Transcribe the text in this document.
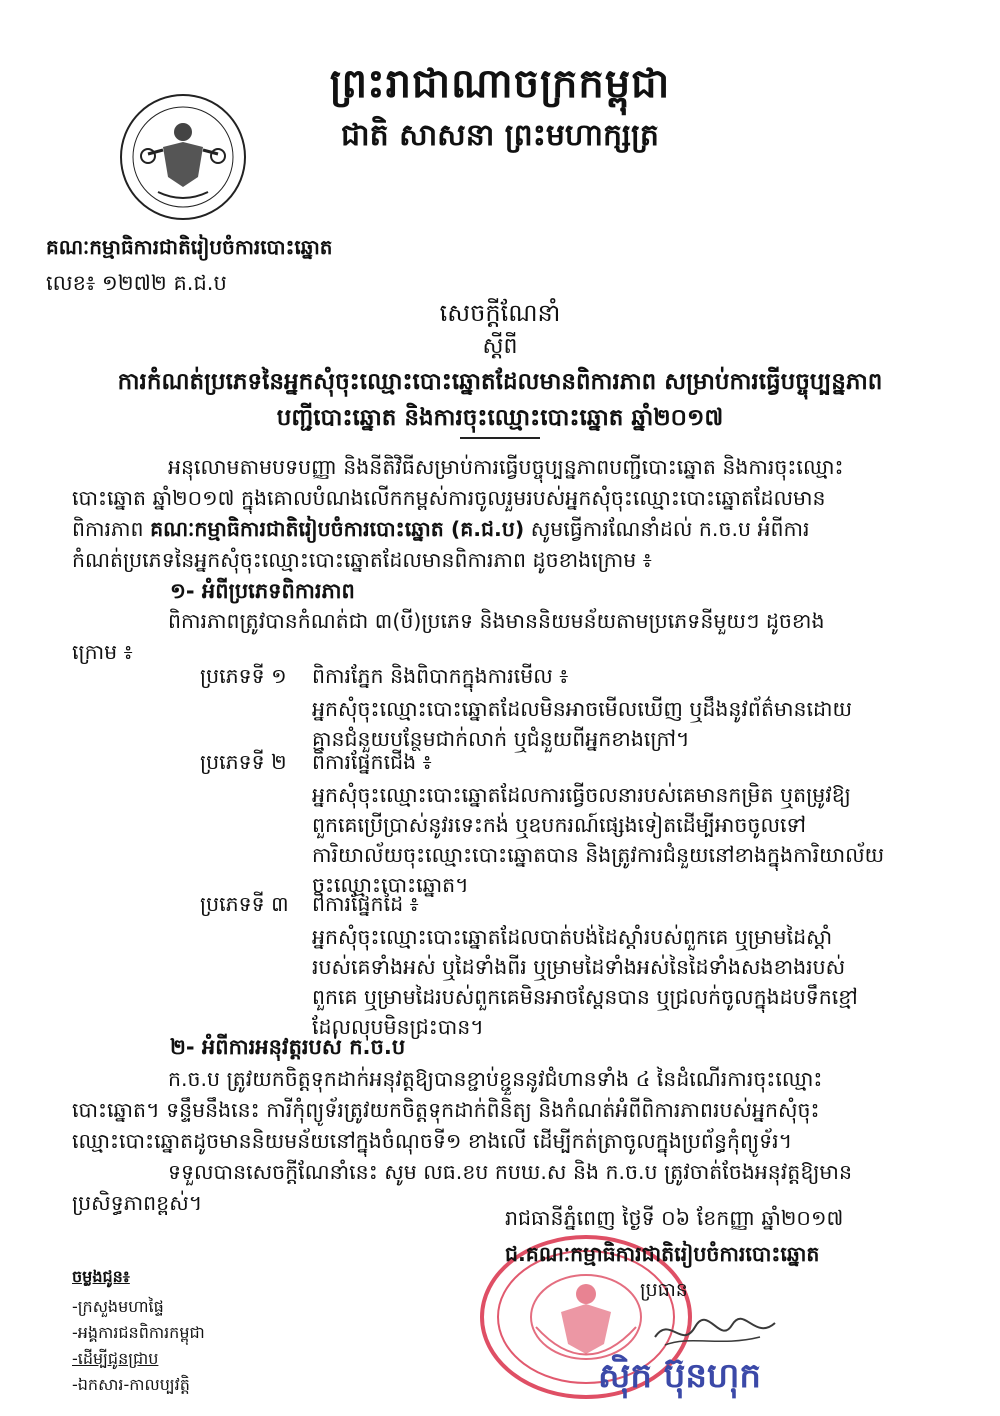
ព្រះរាជាណាចក្រកម្ពុជា
ជាតិ សាសនា ព្រះមហាក្សត្រ
គណៈកម្មាធិការជាតិរៀបចំការបោះឆ្នោត
លេខ៖ ១២៧២ គ.ជ.ប
សេចក្តីណែនាំ
ស្តីពី
ការកំណត់ប្រភេទនៃអ្នកសុំចុះឈ្មោះបោះឆ្នោតដែលមានពិការភាព សម្រាប់ការធ្វើបច្ចុប្បន្នភាព
បញ្ជីបោះឆ្នោត និងការចុះឈ្មោះបោះឆ្នោត ឆ្នាំ២០១៧
អនុលោមតាមបទបញ្ញា និងនីតិវិធីសម្រាប់ការធ្វើបច្ចុប្បន្នភាពបញ្ជីបោះឆ្នោត និងការចុះឈ្មោះ
បោះឆ្នោត ឆ្នាំ២០១៧ ក្នុងគោលបំណងលើកកម្ពស់ការចូលរួមរបស់អ្នកសុំចុះឈ្មោះបោះឆ្នោតដែលមាន
ពិការភាព គណៈកម្មាធិការជាតិរៀបចំការបោះឆ្នោត (គ.ជ.ប) សូមធ្វើការណែនាំដល់ ក.ច.ប អំពីការ
កំណត់ប្រភេទនៃអ្នកសុំចុះឈ្មោះបោះឆ្នោតដែលមានពិការភាព ដូចខាងក្រោម ៖
១- អំពីប្រភេទពិការភាព
ពិការភាពត្រូវបានកំណត់ជា ៣(បី)ប្រភេទ និងមាននិយមន័យតាមប្រភេទនីមួយៗ ដូចខាង
ក្រោម ៖
ប្រភេទទី ១ ពិការភ្នែក និងពិបាកក្នុងការមើល ៖
អ្នកសុំចុះឈ្មោះបោះឆ្នោតដែលមិនអាចមើលឃើញ ឬដឹងនូវព័ត៌មានដោយ
គ្មានជំនួយបន្ថែមជាក់លាក់ ឬជំនួយពីអ្នកខាងក្រៅ។
ប្រភេទទី ២ ពិការផ្នែកជើង ៖
អ្នកសុំចុះឈ្មោះបោះឆ្នោតដែលការធ្វើចលនារបស់គេមានកម្រិត ឬតម្រូវឱ្យ
ពួកគេប្រើប្រាស់នូវរទេះកង់ ឬឧបករណ៍ផ្សេងទៀតដើម្បីអាចចូលទៅ
ការិយាល័យចុះឈ្មោះបោះឆ្នោតបាន និងត្រូវការជំនួយនៅខាងក្នុងការិយាល័យ
ចុះឈ្មោះបោះឆ្នោត។
ប្រភេទទី ៣ ពិការផ្នែកដៃ ៖
អ្នកសុំចុះឈ្មោះបោះឆ្នោតដែលបាត់បង់ដៃស្តាំរបស់ពួកគេ ឬម្រាមដៃស្តាំ
របស់គេទាំងអស់ ឬដៃទាំងពីរ ឬម្រាមដៃទាំងអស់នៃដៃទាំងសងខាងរបស់
ពួកគេ ឬម្រាមដៃរបស់ពួកគេមិនអាចស្ពែនបាន ឬជ្រលក់ចូលក្នុងដបទឹកខ្មៅ
ដែលលុបមិនជ្រះបាន។
២- អំពីការអនុវត្តរបស់ ក.ច.ប
ក.ច.ប ត្រូវយកចិត្តទុកដាក់អនុវត្តឱ្យបានខ្ជាប់ខ្ជួននូវជំហានទាំង ៤ នៃដំណើរការចុះឈ្មោះ
បោះឆ្នោត។ ទន្ទឹមនឹងនេះ ការីកុំព្យូទ័រត្រូវយកចិត្តទុកដាក់ពិនិត្យ និងកំណត់អំពីពិការភាពរបស់អ្នកសុំចុះ
ឈ្មោះបោះឆ្នោតដូចមាននិយមន័យនៅក្នុងចំណុចទី១ ខាងលើ ដើម្បីកត់ត្រាចូលក្នុងប្រព័ន្ធកុំព្យូទ័រ។
ទទួលបានសេចក្តីណែនាំនេះ សូម លធ.ខប កបឃ.ស និង ក.ច.ប ត្រូវចាត់ចែងអនុវត្តឱ្យមាន
ប្រសិទ្ធភាពខ្ពស់។
រាជធានីភ្នំពេញ ថ្ងៃទី ០៦ ខែកញ្ញា ឆ្នាំ២០១៧
ជ.គណៈកម្មាធិការជាតិរៀបចំការបោះឆ្នោត
ប្រធាន
ស៊ិក ប៊ុនហុក
ចម្លងជូន៖
-ក្រសួងមហាផ្ទៃ
-អង្គការជនពិការកម្ពុជា
-ដើម្បីជូនជ្រាប
-ឯកសារ-កាលប្បវត្តិ
